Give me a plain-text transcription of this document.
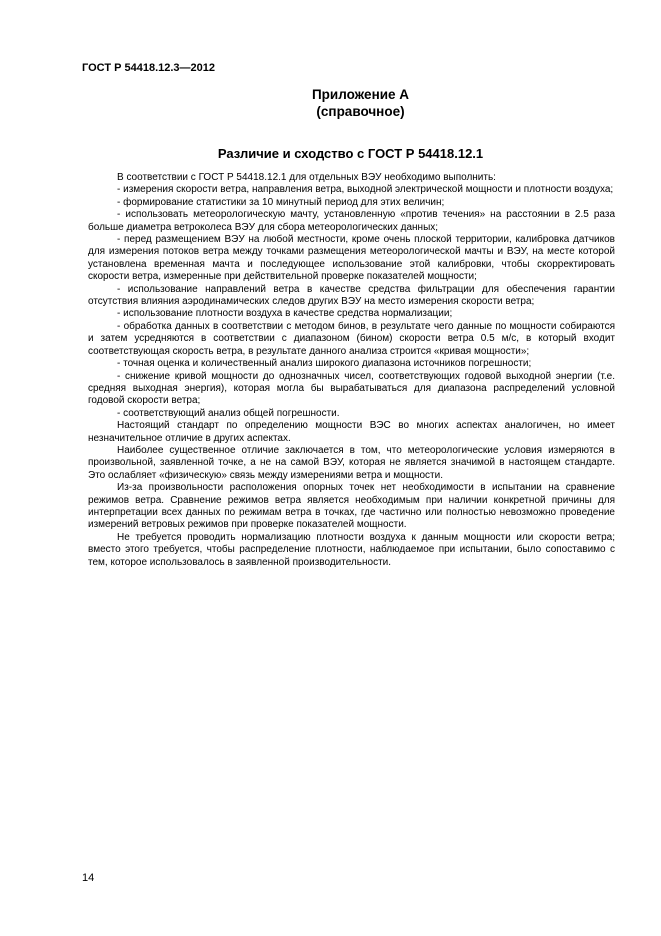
ГОСТ Р 54418.12.3—2012
Приложение А
(справочное)
Различие и сходство с ГОСТ Р 54418.12.1

В соответствии с ГОСТ Р 54418.12.1 для отдельных ВЭУ необходимо выполнить:

- измерения скорости ветра, направления ветра, выходной электрической мощности и плотности воздуха;

- формирование статистики за 10 минутный период для этих величин;

- использовать метеорологическую мачту, установленную «против течения» на расстоянии в 2.5 раза больше диаметра ветроколеса ВЭУ для сбора метеорологических данных;

- перед размещением ВЭУ на любой местности, кроме очень плоской территории, калибровка датчиков для измерения потоков ветра между точками размещения метеорологической мачты и ВЭУ, на месте которой установлена временная мачта и последующее использование этой калибровки, чтобы скорректировать скорости ветра, измеренные при действительной проверке показателей мощности;

- использование направлений ветра в качестве средства фильтрации для обеспечения гарантии отсутствия влияния аэродинамических следов других ВЭУ на место измерения скорости ветра;

- использование плотности воздуха в качестве средства нормализации;

- обработка данных в соответствии с методом бинов, в результате чего данные по мощности собираются и затем усредняются в соответствии с диапазоном (бином) скорости ветра 0.5 м/с, в который входит соответствующая скорость ветра, в результате данного анализа строится «кривая мощности»;

- точная оценка и количественный анализ широкого диапазона источников погрешности;

- снижение кривой мощности до однозначных чисел, соответствующих годовой выходной энергии (т.е. средняя выходная энергия), которая могла бы вырабатываться для диапазона распределений условной годовой скорости ветра;

- соответствующий анализ общей погрешности.

Настоящий стандарт по определению мощности ВЭС во многих аспектах аналогичен, но имеет незначительное отличие в других аспектах.

Наиболее существенное отличие заключается в том, что метеорологические условия измеряются в произвольной, заявленной точке, а не на самой ВЭУ, которая не является значимой в настоящем стандарте. Это ослабляет «физическую» связь между измерениями ветра и мощности.

Из-за произвольности расположения опорных точек нет необходимости в испытании на сравнение режимов ветра. Сравнение режимов ветра является необходимым при наличии конкретной причины для интерпретации всех данных по режимам ветра в точках, где частично или полностью невозможно проведение измерений ветровых режимов при проверке показателей мощности.

Не требуется проводить нормализацию плотности воздуха к данным мощности или скорости ветра; вместо этого требуется, чтобы распределение плотности, наблюдаемое при испытании, было сопоставимо с тем, которое использовалось в заявленной производительности.

14
